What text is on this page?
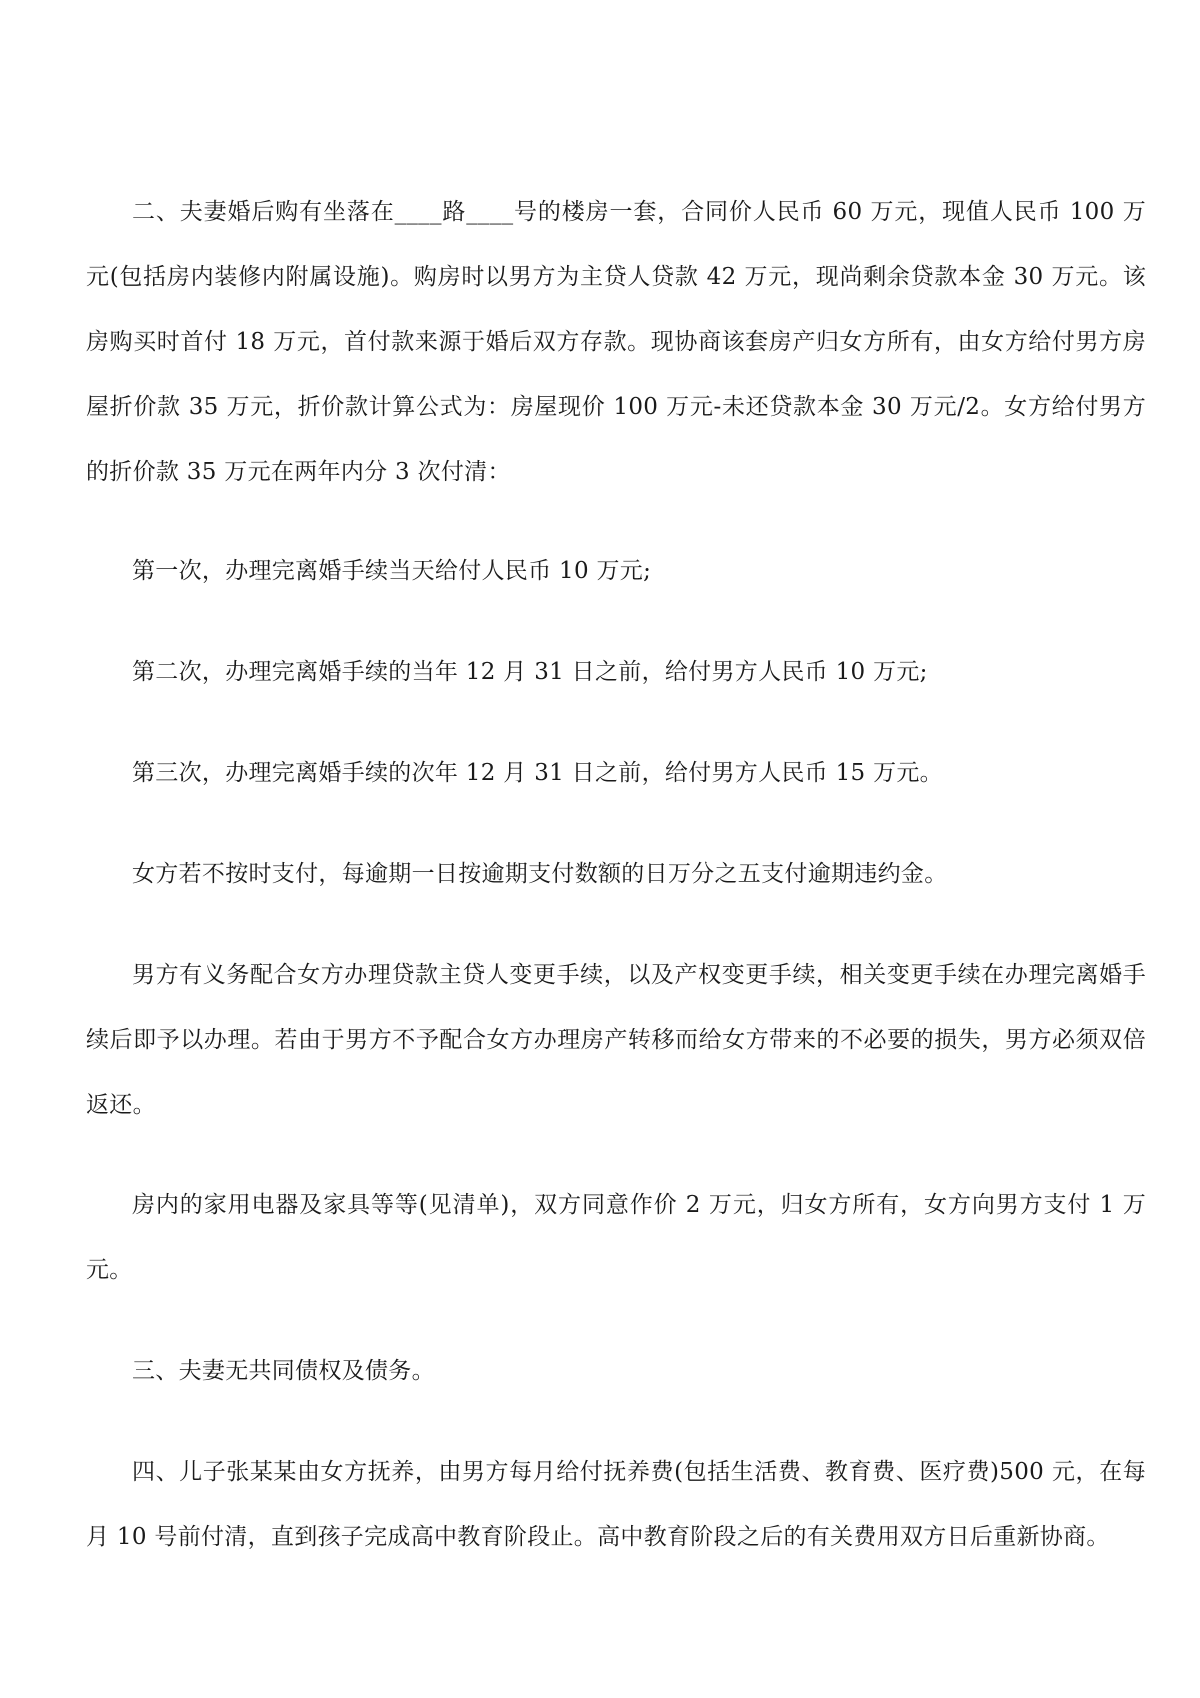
二、夫妻婚后购有坐落在____路____号的楼房一套，合同价人民币 60 万元，现值人民币 100 万元(包括房内装修内附属设施)。购房时以男方为主贷人贷款 42 万元，现尚剩余贷款本金 30 万元。该房购买时首付 18 万元，首付款来源于婚后双方存款。现协商该套房产归女方所有，由女方给付男方房屋折价款 35 万元，折价款计算公式为：房屋现价 100 万元-未还贷款本金 30 万元/2。女方给付男方的折价款 35 万元在两年内分 3 次付清：

第一次，办理完离婚手续当天给付人民币 10 万元;

第二次，办理完离婚手续的当年 12 月 31 日之前，给付男方人民币 10 万元;

第三次，办理完离婚手续的次年 12 月 31 日之前，给付男方人民币 15 万元。

女方若不按时支付，每逾期一日按逾期支付数额的日万分之五支付逾期违约金。

男方有义务配合女方办理贷款主贷人变更手续，以及产权变更手续，相关变更手续在办理完离婚手续后即予以办理。若由于男方不予配合女方办理房产转移而给女方带来的不必要的损失，男方必须双倍返还。

房内的家用电器及家具等等(见清单)，双方同意作价 2 万元，归女方所有，女方向男方支付 1 万元。

三、夫妻无共同债权及债务。

四、儿子张某某由女方抚养，由男方每月给付抚养费(包括生活费、教育费、医疗费)500 元，在每月 10 号前付清，直到孩子完成高中教育阶段止。高中教育阶段之后的有关费用双方日后重新协商。
